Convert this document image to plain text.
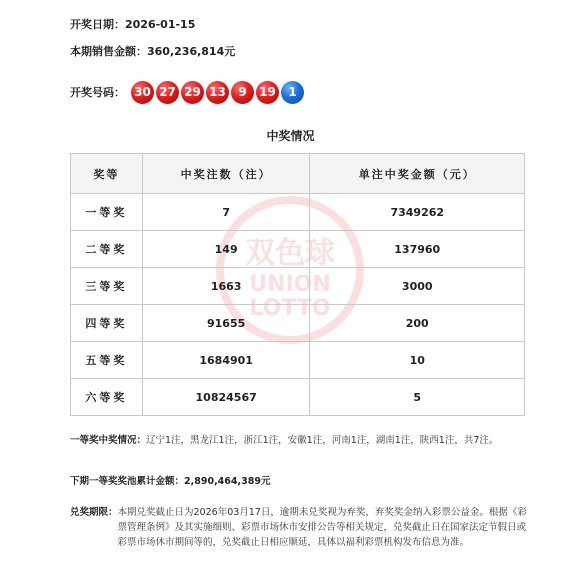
开奖日期：2026-01-15
本期销售金额：360,236,814元
开奖号码： 30 27 29 13	9	19	1
中奖情况
双色球
UNION
LOTTO
奖等	中奖注数（注）	单注中奖金额（元）
一等奖	7	7349262
二等奖	149	137960
三等奖	1663	3000
四等奖	91655	200
五等奖	1684901	10
六等奖	10824567	5
一等奖中奖情况： 辽宁1注，黑龙江1注，浙江1注，安徽1注，河南1注，湖南1注，陕西1注，共7注。
下期一等奖奖池累计金额：2,890,464,389元
兑奖期限： 本期兑奖截止日为2026年03月17日，逾期未兑奖视为弃奖，弃奖奖金纳入彩票公益金。根据《彩票管理条例》及其实施细则、彩票市场休市安排公告等相关规定，兑奖截止日在国家法定节假日或彩票市场休市期间等的，兑奖截止日相应顺延，具体以福利彩票机构发布信息为准。
